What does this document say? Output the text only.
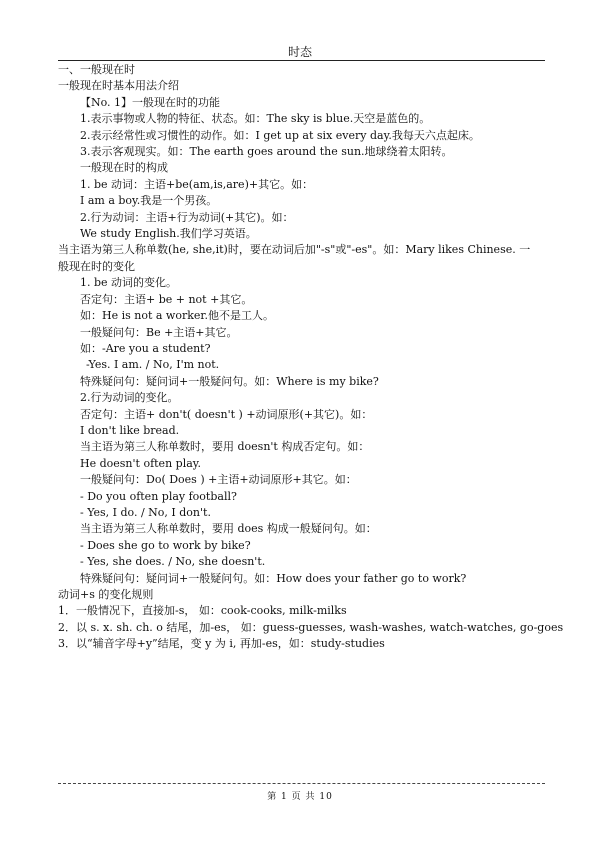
时态
一、一般现在时
一般现在时基本用法介绍
【No. 1】一般现在时的功能
1.表示事物或人物的特征、状态。如：The sky is blue.天空是蓝色的。
2.表示经常性或习惯性的动作。如：I get up at six every day.我每天六点起床。
3.表示客观现实。如：The earth goes around the sun.地球绕着太阳转。
一般现在时的构成
1. be 动词：主语+be(am,is,are)+其它。如：
I am a boy.我是一个男孩。
2.行为动词：主语+行为动词(+其它)。如：
We study English.我们学习英语。
当主语为第三人称单数(he, she,it)时，要在动词后加"-s"或"-es"。如：Mary likes Chinese. 一
般现在时的变化
1. be 动词的变化。
否定句：主语+ be + not +其它。
如：He is not a worker.他不是工人。
一般疑问句：Be +主语+其它。
如：-Are you a student?
-Yes. I am. / No, I'm not.
特殊疑问句：疑问词+一般疑问句。如：Where is my bike?
2.行为动词的变化。
否定句：主语+ don't( doesn't ) +动词原形(+其它)。如：
I don't like bread.
当主语为第三人称单数时，要用 doesn't 构成否定句。如：
He doesn't often play.
一般疑问句：Do( Does ) +主语+动词原形+其它。如：
- Do you often play football?
- Yes, I do. / No, I don't.
当主语为第三人称单数时，要用 does 构成一般疑问句。如：
- Does she go to work by bike?
- Yes, she does. / No, she doesn't.
特殊疑问句：疑问词+一般疑问句。如：How does your father go to work?
动词+s 的变化规则
1．一般情况下，直接加-s， 如：cook-cooks, milk-milks
2．以 s. x. sh. ch. o 结尾，加-es， 如：guess-guesses, wash-washes, watch-watches, go-goes
3．以“辅音字母+y”结尾，变 y 为 i, 再加-es，如：study-studies
第 1 页 共 10
